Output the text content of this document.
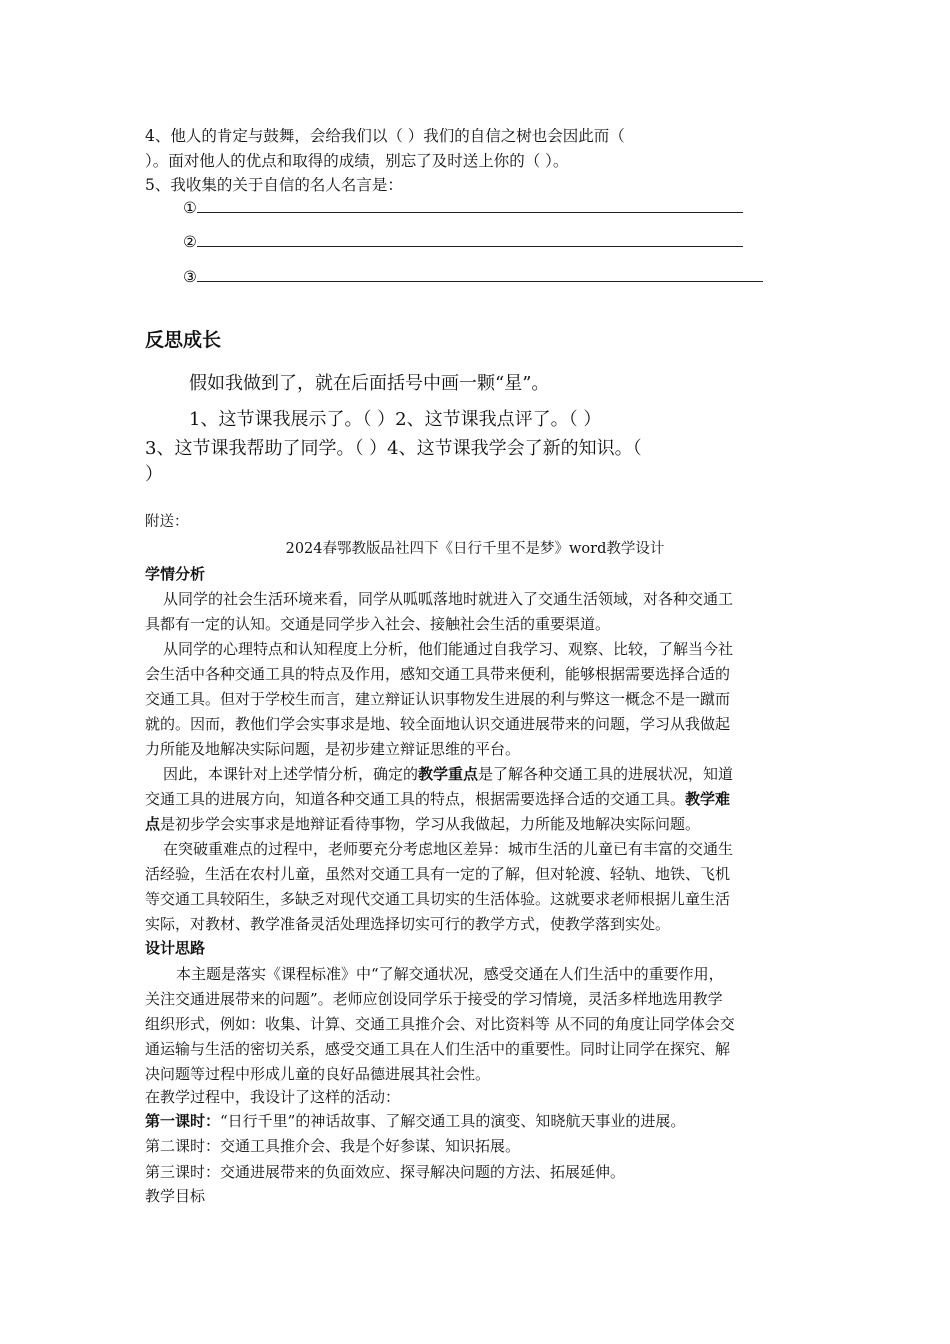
4、他人的肯定与鼓舞，会给我们以（ ）我们的自信之树也会因此而（
）。面对他人的优点和取得的成绩，别忘了及时送上你的（ ）。
5、我收集的关于自信的名人名言是：
①
②
③
反思成长
假如我做到了，就在后面括号中画一颗“星”。
1、这节课我展示了。（ ）2、这节课我点评了。（ ）
3、这节课我帮助了同学。（ ）4、这节课我学会了新的知识。（
）
附送：
2024春鄂教版品社四下《日行千里不是梦》word教学设计
学情分析
从同学的社会生活环境来看，同学从呱呱落地时就进入了交通生活领域，对各种交通工
具都有一定的认知。交通是同学步入社会、接触社会生活的重要渠道。
从同学的心理特点和认知程度上分析，他们能通过自我学习、观察、比较，了解当今社
会生活中各种交通工具的特点及作用，感知交通工具带来便利，能够根据需要选择合适的
交通工具。但对于学校生而言，建立辩证认识事物发生进展的利与弊这一概念不是一蹴而
就的。因而，教他们学会实事求是地、较全面地认识交通进展带来的问题，学习从我做起
力所能及地解决实际问题，是初步建立辩证思维的平台。
因此，本课针对上述学情分析，确定的教学重点是了解各种交通工具的进展状况，知道
交通工具的进展方向，知道各种交通工具的特点，根据需要选择合适的交通工具。教学难
点是初步学会实事求是地辩证看待事物，学习从我做起，力所能及地解决实际问题。
在突破重难点的过程中，老师要充分考虑地区差异：城市生活的儿童已有丰富的交通生
活经验，生活在农村儿童，虽然对交通工具有一定的了解，但对轮渡、轻轨、地铁、飞机
等交通工具较陌生，多缺乏对现代交通工具切实的生活体验。这就要求老师根据儿童生活
实际，对教材、教学准备灵活处理选择切实可行的教学方式，使教学落到实处。
设计思路
本主题是落实《课程标准》中“了解交通状况，感受交通在人们生活中的重要作用，
关注交通进展带来的问题”。老师应创设同学乐于接受的学习情境，灵活多样地选用教学
组织形式，例如：收集、计算、交通工具推介会、对比资料等 从不同的角度让同学体会交
通运输与生活的密切关系，感受交通工具在人们生活中的重要性。同时让同学在探究、解
决问题等过程中形成儿童的良好品德进展其社会性。
在教学过程中，我设计了这样的活动：
第一课时：“日行千里”的神话故事、了解交通工具的演变、知晓航天事业的进展。
第二课时：交通工具推介会、我是个好参谋、知识拓展。
第三课时：交通进展带来的负面效应、探寻解决问题的方法、拓展延伸。
教学目标
